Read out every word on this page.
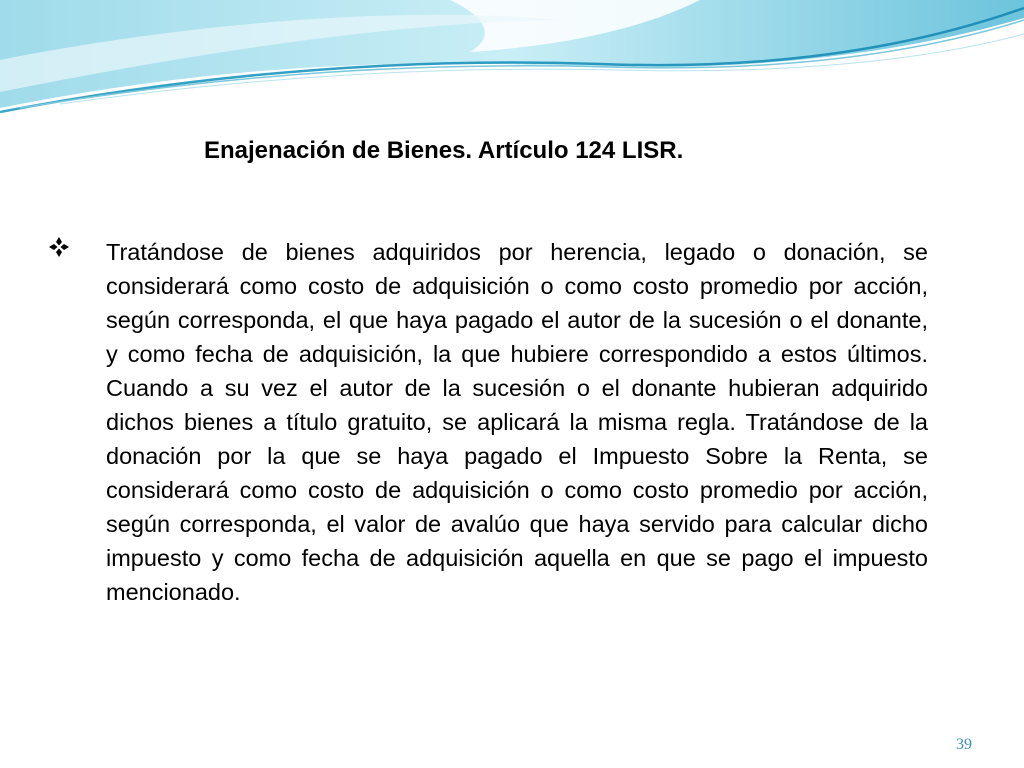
Enajenación de Bienes. Artículo 124 LISR.

Tratándose de bienes adquiridos por herencia, legado o donación, se considerará como costo de adquisición o como costo promedio por acción, según corresponda, el que haya pagado el autor de la sucesión o el donante, y como fecha de adquisición, la que hubiere correspondido a estos últimos. Cuando a su vez el autor de la sucesión o el donante hubieran adquirido dichos bienes a título gratuito, se aplicará la misma regla. Tratándose de la donación por la que se haya pagado el Impuesto Sobre la Renta, se considerará como costo de adquisición o como costo promedio por acción, según corresponda, el valor de avalúo que haya servido para calcular dicho impuesto y como fecha de adquisición aquella en que se pago el impuesto mencionado.

39
